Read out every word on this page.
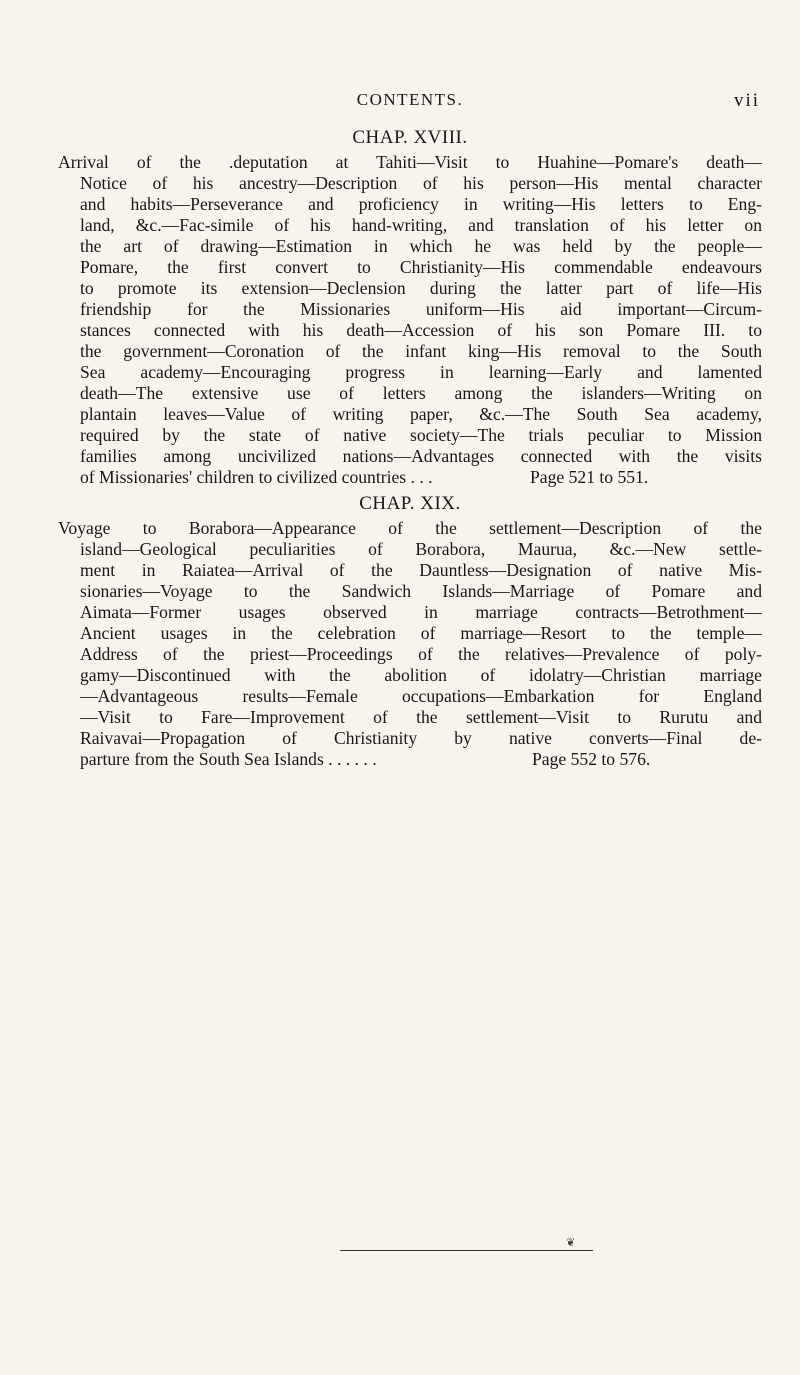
CONTENTS.	vii
CHAP. XVIII.
Arrival of the .deputation at Tahiti—Visit to Huahine—Pomare's death—
Notice of his ancestry—Description of his person—His mental character
and habits—Perseverance and proficiency in writing—His letters to Eng-
land, &c.—Fac-simile of his hand-writing, and translation of his letter on
the art of drawing—Estimation in which he was held by the people—
Pomare, the first convert to Christianity—His commendable endeavours
to promote its extension—Declension during the latter part of life—His
friendship for the Missionaries uniform—His aid important—Circum-
stances connected with his death—Accession of his son Pomare III. to
the government—Coronation of the infant king—His removal to the South
Sea academy—Encouraging progress in learning—Early and lamented
death—The extensive use of letters among the islanders—Writing on
plantain leaves—Value of writing paper, &c.—The South Sea academy,
required by the state of native society—The trials peculiar to Mission
families among uncivilized nations—Advantages connected with the visits
of Missionaries' children to civilized countries . . .	Page 521 to 551.
CHAP. XIX.
Voyage to Borabora—Appearance of the settlement—Description of the
island—Geological peculiarities of Borabora, Maurua, &c.—New settle-
ment in Raiatea—Arrival of the Dauntless—Designation of native Mis-
sionaries—Voyage to the Sandwich Islands—Marriage of Pomare and
Aimata—Former usages observed in marriage contracts—Betrothment—
Ancient usages in the celebration of marriage—Resort to the temple—
Address of the priest—Proceedings of the relatives—Prevalence of poly-
gamy—Discontinued with the abolition of idolatry—Christian marriage
—Advantageous results—Female occupations—Embarkation for England
—Visit to Fare—Improvement of the settlement—Visit to Rurutu and
Raivavai—Propagation of Christianity by native converts—Final de-
parture from the South Sea Islands . . . . . .	Page 552 to 576.
❦
